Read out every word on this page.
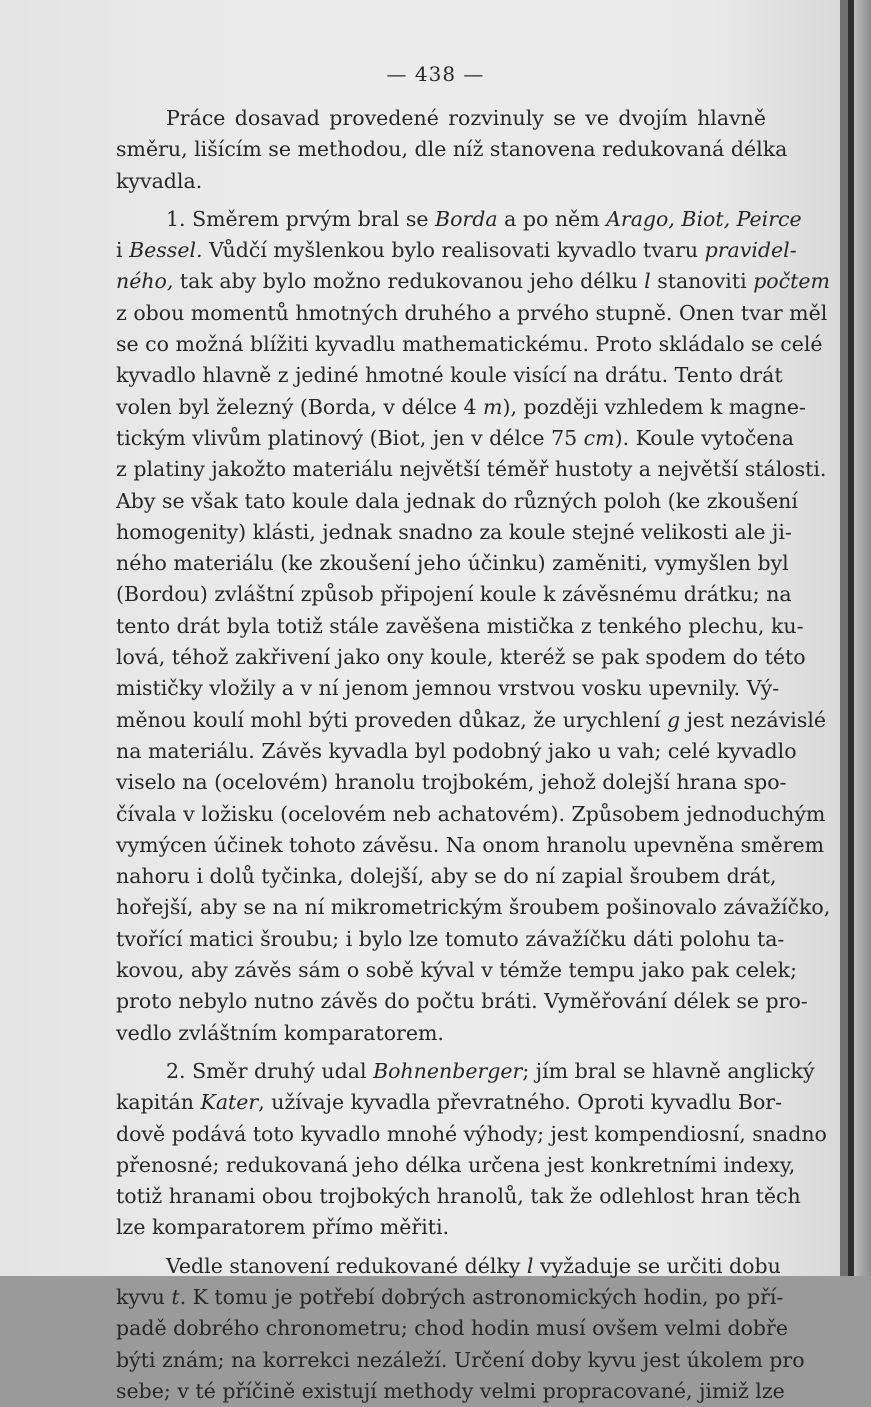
— 438 —
Práce dosavad provedené rozvinuly se ve dvojím hlavně
směru, lišícím se methodou, dle níž stanovena redukovaná délka
kyvadla.
1. Směrem prvým bral se Borda a po něm Arago, Biot, Peirce
i Bessel. Vůdčí myšlenkou bylo realisovati kyvadlo tvaru pravidel-
ného, tak aby bylo možno redukovanou jeho délku l stanoviti počtem
z obou momentů hmotných druhého a prvého stupně. Onen tvar měl
se co možná blížiti kyvadlu mathematickému. Proto skládalo se celé
kyvadlo hlavně z jediné hmotné koule visící na drátu. Tento drát
volen byl železný (Borda, v délce 4 m), později vzhledem k magne-
tickým vlivům platinový (Biot, jen v délce 75 cm). Koule vytočena
z platiny jakožto materiálu největší téměř hustoty a největší stálosti.
Aby se však tato koule dala jednak do různých poloh (ke zkoušení
homogenity) klásti, jednak snadno za koule stejné velikosti ale ji-
ného materiálu (ke zkoušení jeho účinku) zaměniti, vymyšlen byl
(Bordou) zvláštní způsob připojení koule k závěsnému drátku; na
tento drát byla totiž stále zavěšena mistička z tenkého plechu, ku-
lová, téhož zakřivení jako ony koule, kteréž se pak spodem do této
mističky vložily a v ní jenom jemnou vrstvou vosku upevnily. Vý-
měnou koulí mohl býti proveden důkaz, že urychlení g jest nezávislé
na materiálu. Závěs kyvadla byl podobný jako u vah; celé kyvadlo
viselo na (ocelovém) hranolu trojbokém, jehož dolejší hrana spo-
čívala v ložisku (ocelovém neb achatovém). Způsobem jednoduchým
vymýcen účinek tohoto závěsu. Na onom hranolu upevněna směrem
nahoru i dolů tyčinka, dolejší, aby se do ní zapial šroubem drát,
hořejší, aby se na ní mikrometrickým šroubem pošinovalo závažíčko,
tvořící matici šroubu; i bylo lze tomuto závažíčku dáti polohu ta-
kovou, aby závěs sám o sobě kýval v témže tempu jako pak celek;
proto nebylo nutno závěs do počtu bráti. Vyměřování délek se pro-
vedlo zvláštním komparatorem.
2. Směr druhý udal Bohnenberger; jím bral se hlavně anglický
kapitán Kater, užívaje kyvadla převratného. Oproti kyvadlu Bor-
dově podává toto kyvadlo mnohé výhody; jest kompendiosní, snadno
přenosné; redukovaná jeho délka určena jest konkretními indexy,
totiž hranami obou trojbokých hranolů, tak že odlehlost hran těch
lze komparatorem přímo měřiti.
Vedle stanovení redukované délky l vyžaduje se určiti dobu
kyvu t. K tomu je potřebí dobrých astronomických hodin, po pří-
padě dobrého chronometru; chod hodin musí ovšem velmi dobře
býti znám; na korrekci nezáleží. Určení doby kyvu jest úkolem pro
sebe; v té příčině existují methody velmi propracované, jimiž lze
